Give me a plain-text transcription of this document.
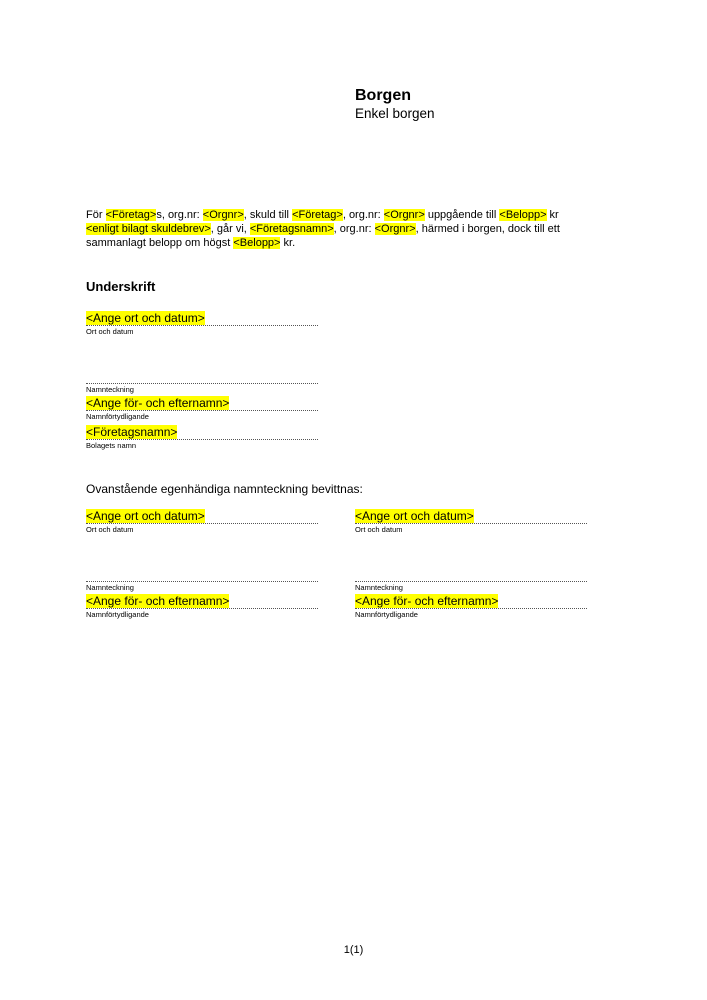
Borgen
Enkel borgen
För <Företag>s, org.nr: <Orgnr>, skuld till <Företag>, org.nr: <Orgnr> uppgående till <Belopp> kr
<enligt bilagt skuldebrev>, går vi, <Företagsnamn>, org.nr: <Orgnr>, härmed i borgen, dock till ett
sammanlagt belopp om högst <Belopp> kr.
Underskrift
<Ange ort och datum>
Ort och datum
Namnteckning
<Ange för- och efternamn>
Namnförtydligande
<Företagsnamn>
Bolagets namn
Ovanstående egenhändiga namnteckning bevittnas:
<Ange ort och datum>
Ort och datum
Namnteckning
<Ange för- och efternamn>
Namnförtydligande
<Ange ort och datum>
Ort och datum
Namnteckning
<Ange för- och efternamn>
Namnförtydligande
1(1)
